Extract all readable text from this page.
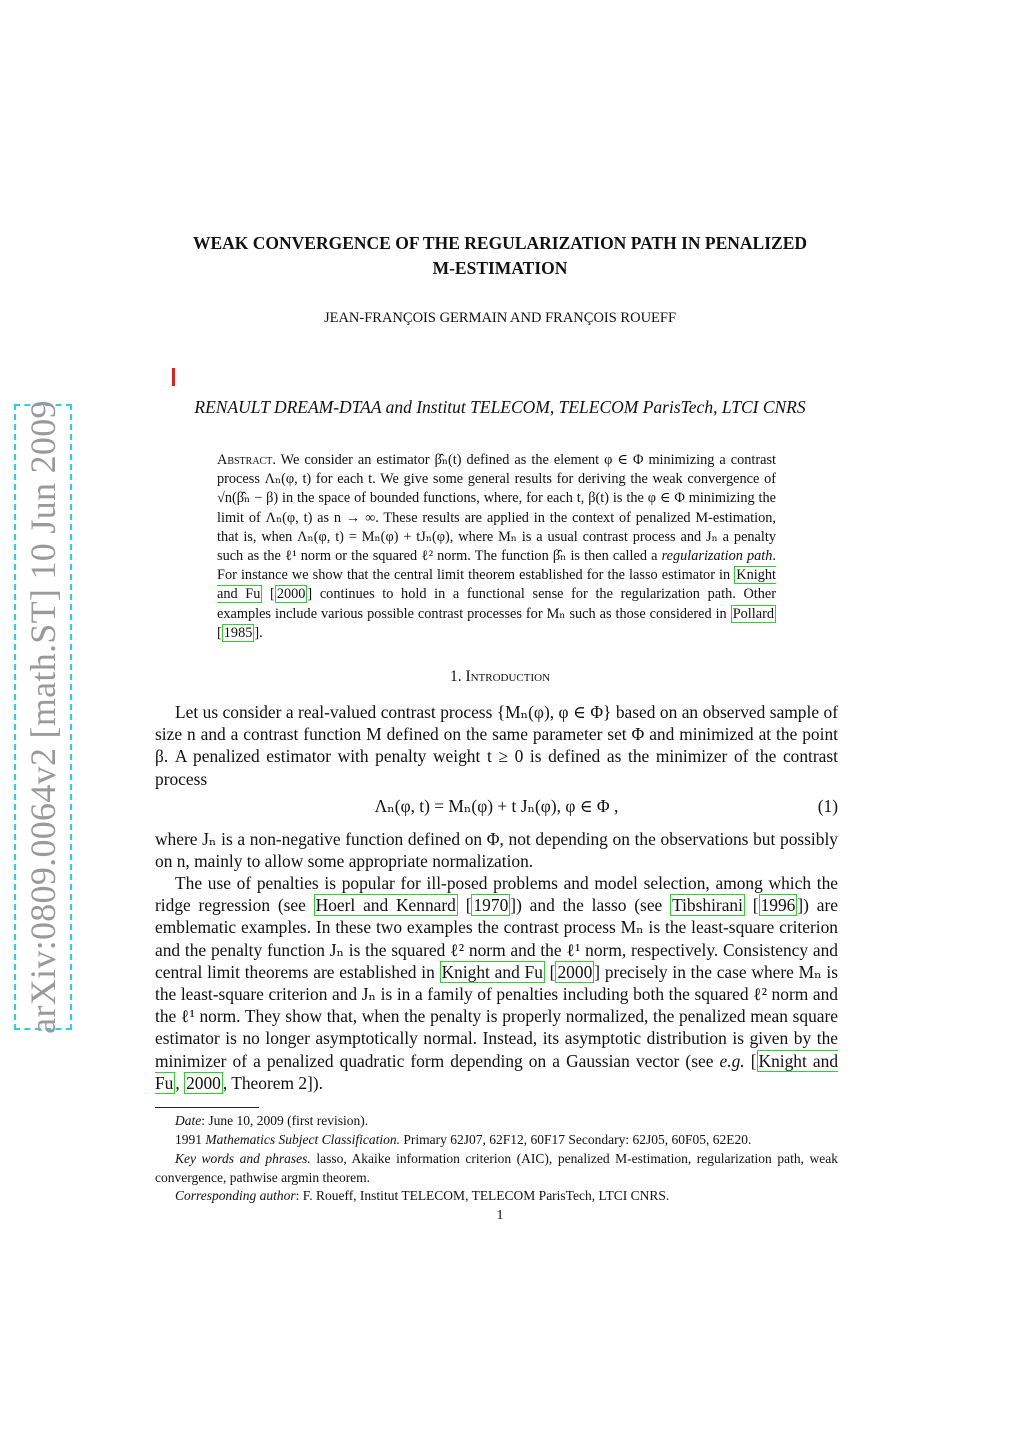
arXiv:0809.0064v2 [math.ST] 10 Jun 2009
WEAK CONVERGENCE OF THE REGULARIZATION PATH IN PENALIZED
M-ESTIMATION
JEAN-FRANÇOIS GERMAIN AND FRANÇOIS ROUEFF
RENAULT DREAM-DTAA and Institut TELECOM, TELECOM ParisTech, LTCI CNRS
Abstract. We consider an estimator β̂ₙ(t) defined as the element φ ∈ Φ minimizing a contrast process Λₙ(φ, t) for each t. We give some general results for deriving the weak convergence of √n(β̂ₙ − β) in the space of bounded functions, where, for each t, β(t) is the φ ∈ Φ minimizing the limit of Λₙ(φ, t) as n → ∞. These results are applied in the context of penalized M-estimation, that is, when Λₙ(φ, t) = Mₙ(φ) + tJₙ(φ), where Mₙ is a usual contrast process and Jₙ a penalty such as the ℓ¹ norm or the squared ℓ² norm. The function β̂ₙ is then called a regularization path. For instance we show that the central limit theorem established for the lasso estimator in Knight and Fu [ 2000 ] continues to hold in a functional sense for the regularization path. Other examples include various possible contrast processes for Mₙ such as those considered in Pollard [ 1985 ].
1. Introduction
Let us consider a real-valued contrast process {Mₙ(φ), φ ∈ Φ} based on an observed sample of size n and a contrast function M defined on the same parameter set Φ and minimized at the point β. A penalized estimator with penalty weight t ≥ 0 is defined as the minimizer of the contrast process
Λₙ(φ, t) = Mₙ(φ) + t Jₙ(φ), φ ∈ Φ ,	(1)
where Jₙ is a non-negative function defined on Φ, not depending on the observations but possibly on n, mainly to allow some appropriate normalization.
The use of penalties is popular for ill-posed problems and model selection, among which the ridge regression (see Hoerl and Kennard [ 1970 ]) and the lasso (see Tibshirani [ 1996 ]) are emblematic examples. In these two examples the contrast process Mₙ is the least-square criterion and the penalty function Jₙ is the squared ℓ² norm and the ℓ¹ norm, respectively. Consistency and central limit theorems are established in Knight and Fu [ 2000 ] precisely in the case where Mₙ is the least-square criterion and Jₙ is in a family of penalties including both the squared ℓ² norm and the ℓ¹ norm. They show that, when the penalty is properly normalized, the penalized mean square estimator is no longer asymptotically normal. Instead, its asymptotic distribution is given by the minimizer of a penalized quadratic form depending on a Gaussian vector (see e.g. [ Knight and Fu , 2000 , Theorem 2]).
Date: June 10, 2009 (first revision).
1991 Mathematics Subject Classification. Primary 62J07, 62F12, 60F17 Secondary: 62J05, 60F05, 62E20.
Key words and phrases. lasso, Akaike information criterion (AIC), penalized M-estimation, regularization path, weak convergence, pathwise argmin theorem.
Corresponding author: F. Roueff, Institut TELECOM, TELECOM ParisTech, LTCI CNRS.
1
